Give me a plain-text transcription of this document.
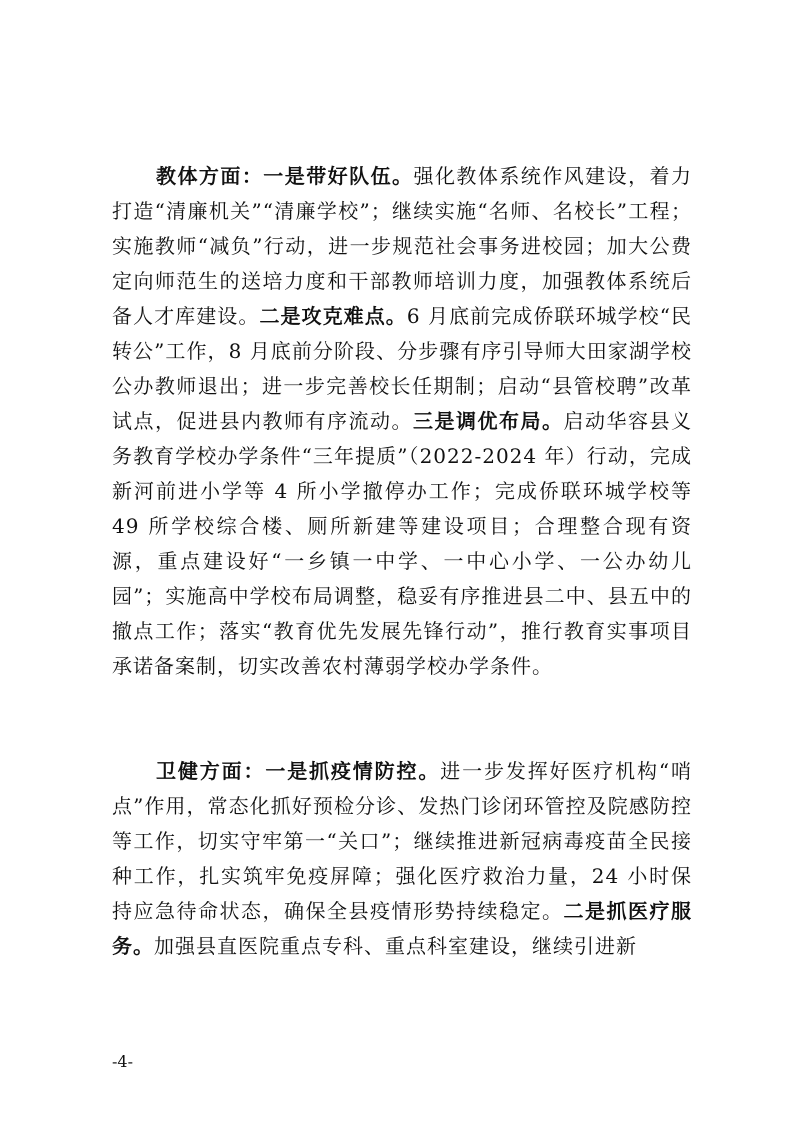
教体方面：一是带好队伍。强化教体系统作风建设，着力打造“清廉机关”“清廉学校”；继续实施“名师、名校长”工程；实施教师“减负”行动，进一步规范社会事务进校园；加大公费定向师范生的送培力度和干部教师培训力度，加强教体系统后备人才库建设。二是攻克难点。6 月底前完成侨联环城学校“民转公”工作，8 月底前分阶段、分步骤有序引导师大田家湖学校公办教师退出；进一步完善校长任期制；启动“县管校聘”改革试点，促进县内教师有序流动。三是调优布局。启动华容县义务教育学校办学条件“三年提质”（2022-2024 年）行动，完成新河前进小学等 4 所小学撤停办工作；完成侨联环城学校等 49 所学校综合楼、厕所新建等建设项目；合理整合现有资源，重点建设好“一乡镇一中学、一中心小学、一公办幼儿园”；实施高中学校布局调整，稳妥有序推进县二中、县五中的撤点工作；落实“教育优先发展先锋行动”，推行教育实事项目承诺备案制，切实改善农村薄弱学校办学条件。

卫健方面：一是抓疫情防控。进一步发挥好医疗机构“哨点”作用，常态化抓好预检分诊、发热门诊闭环管控及院感防控等工作，切实守牢第一“关口”；继续推进新冠病毒疫苗全民接种工作，扎实筑牢免疫屏障；强化医疗救治力量，24 小时保持应急待命状态，确保全县疫情形势持续稳定。二是抓医疗服务。加强县直医院重点专科、重点科室建设，继续引进新

-4-
